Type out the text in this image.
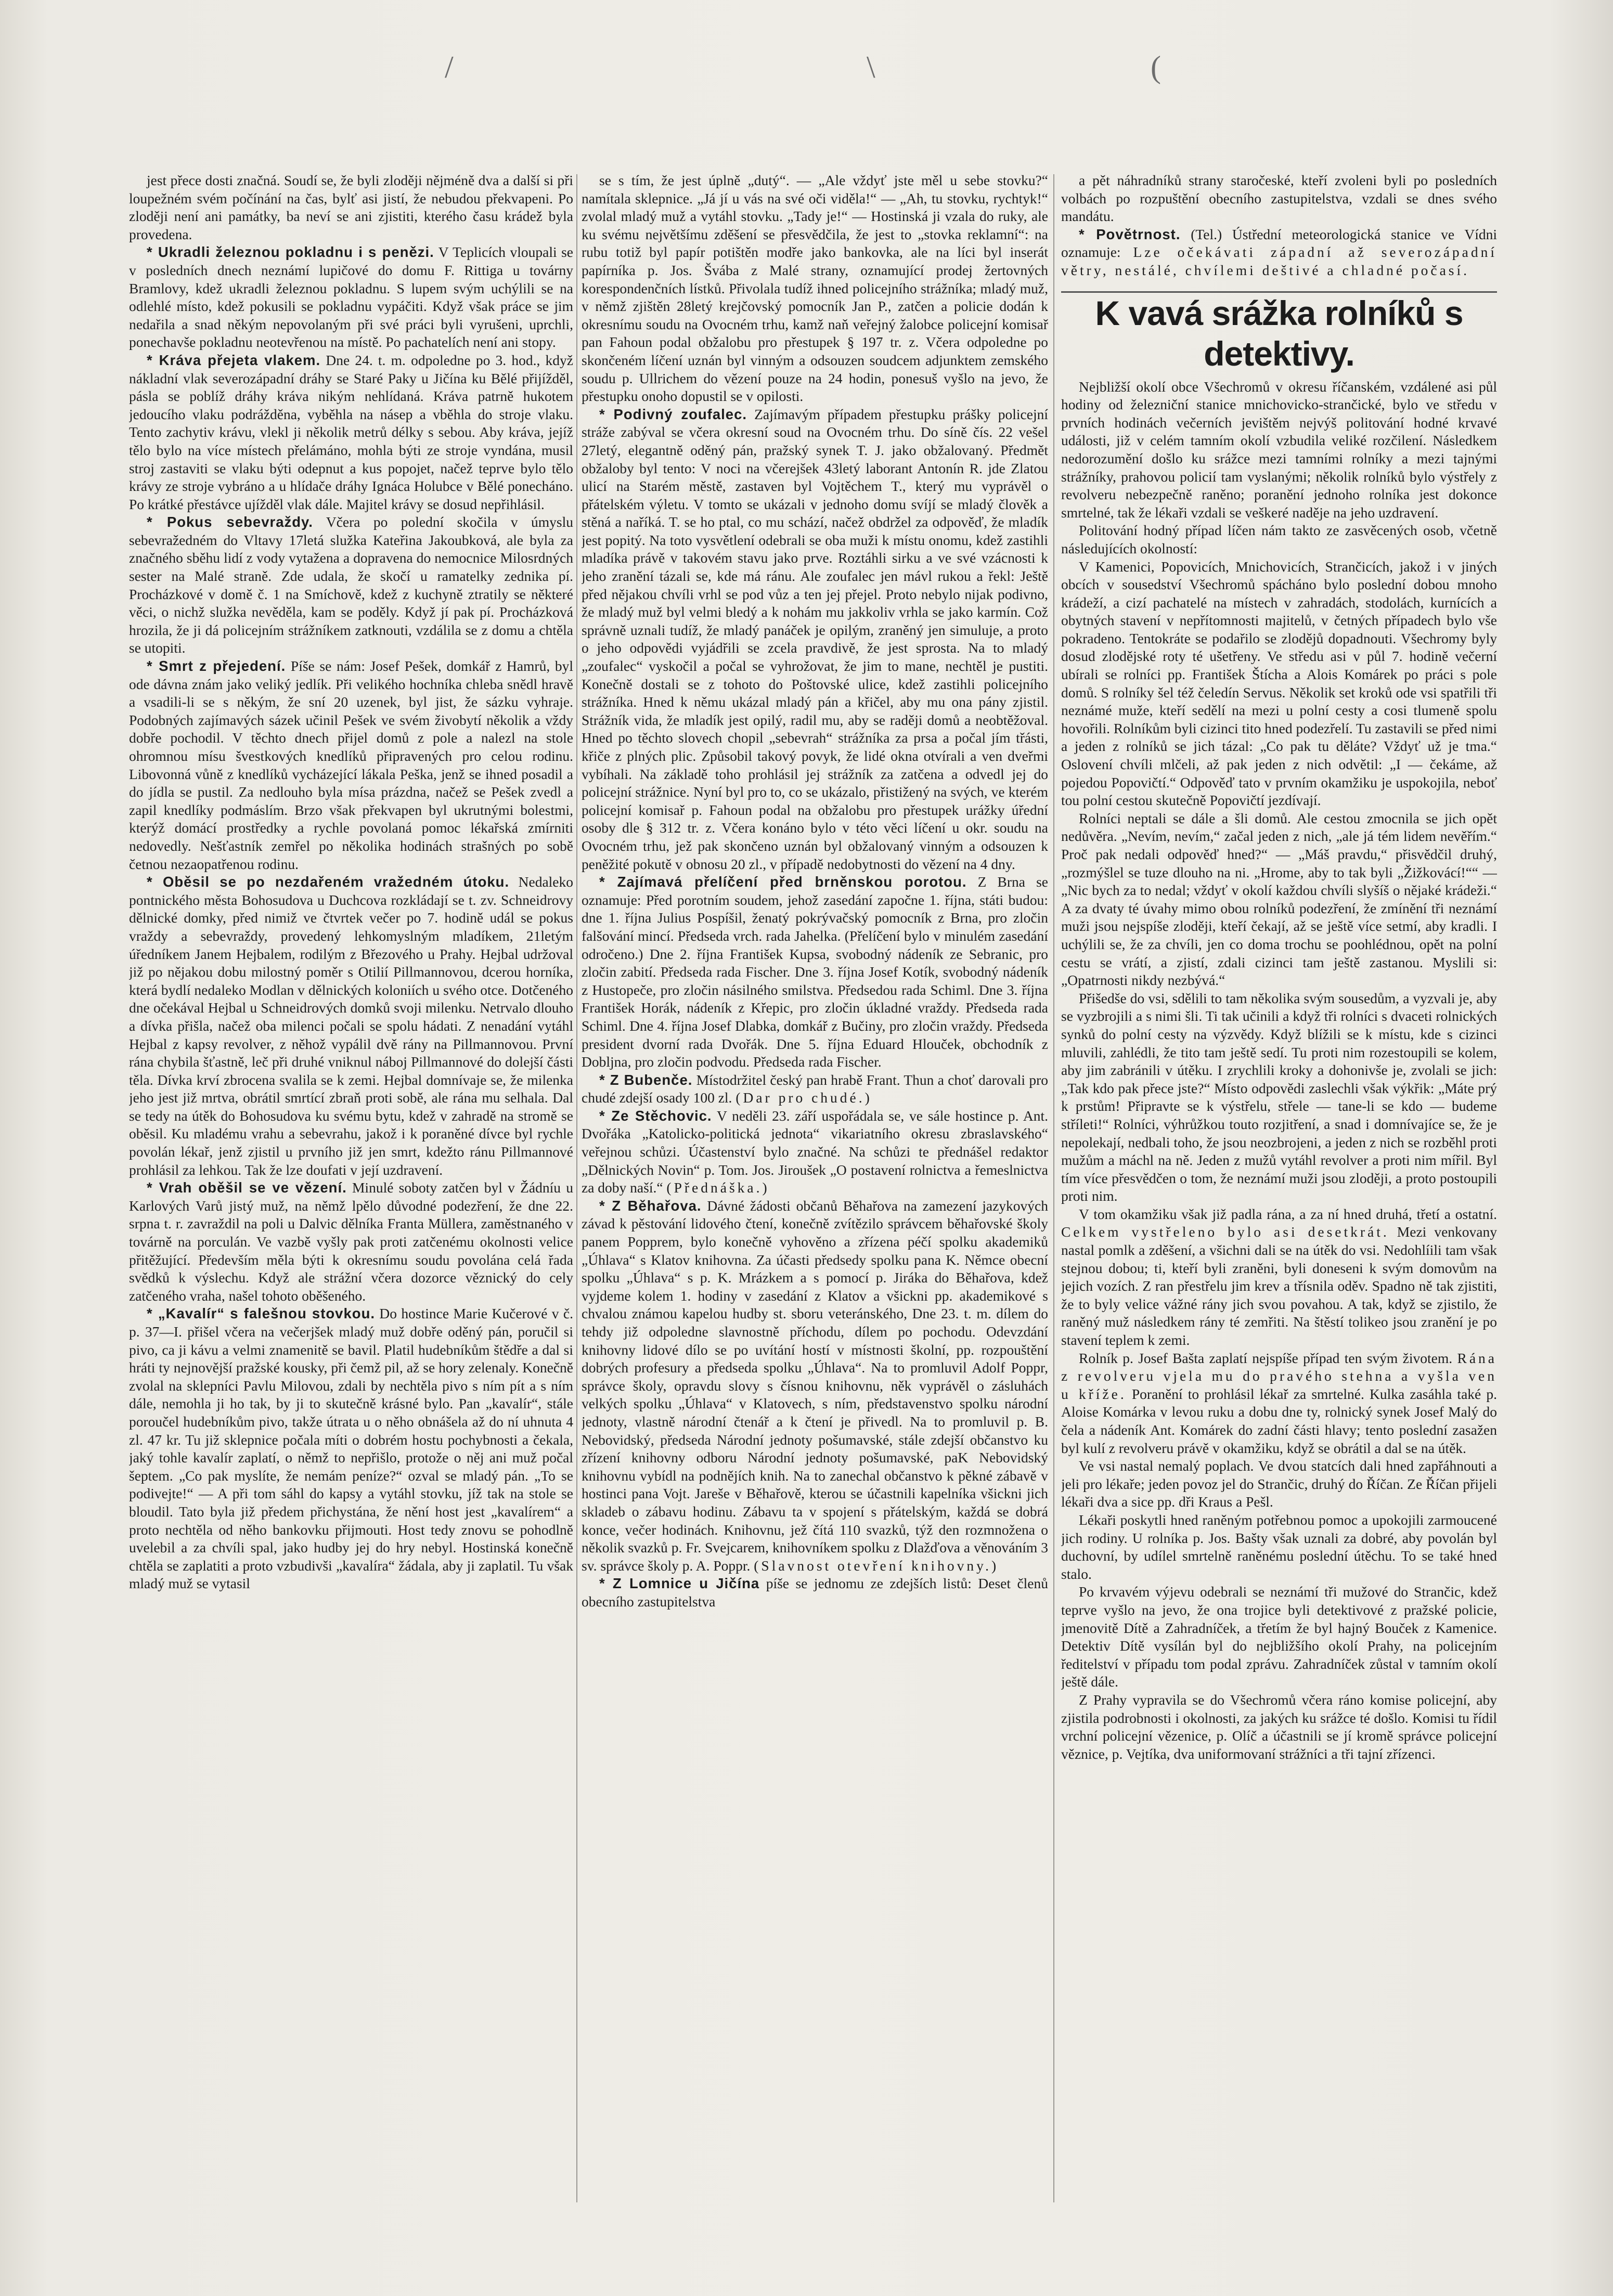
/	\	(

jest přece dosti značná. Soudí se, že byli zloději nějméně dva a další si při loupežném svém počínání na čas, bylť asi jistí, že nebudou překvapeni. Po zloději není ani památky, ba neví se ani zjistiti, kterého času krádež byla provedena.

* Ukradli železnou pokladnu i s penězi. V Teplicích vloupali se v posledních dnech neznámí lupičové do domu F. Rittiga u továrny Bramlovy, kdež ukradli železnou pokladnu. S lupem svým uchýlili se na odlehlé místo, kdež pokusili se pokladnu vypáčiti. Když však práce se jim nedařila a snad někým nepovolaným při své práci byli vyrušeni, uprchli, ponechavše pokladnu neotevřenou na místě. Po pachatelích není ani stopy.

* Kráva přejeta vlakem. Dne 24. t. m. odpoledne po 3. hod., když nákladní vlak severozápadní dráhy se Staré Paky u Jičína ku Bělé přijížděl, pásla se poblíž dráhy kráva nikým nehlídaná. Kráva patrně hukotem jedoucího vlaku podrážděna, vyběhla na násep a vběhla do stroje vlaku. Tento zachytiv krávu, vlekl ji několik metrů délky s sebou. Aby kráva, jejíž tělo bylo na více místech přelámáno, mohla býti ze stroje vyndána, musil stroj zastaviti se vlaku býti odepnut a kus popojet, načež teprve bylo tělo krávy ze stroje vybráno a u hlídače dráhy Ignáca Holubce v Bělé ponecháno. Po krátké přestávce ujížděl vlak dále. Majitel krávy se dosud nepřihlásil.

* Pokus sebevraždy. Včera po polední skočila v úmyslu sebevražedném do Vltavy 17letá služka Kateřina Jakoubková, ale byla za značného sběhu lidí z vody vytažena a dopravena do nemocnice Milosrdných sester na Malé straně. Zde udala, že skočí u ramatelky zednika pí. Procházkové v domě č. 1 na Smíchově, kdež z kuchyně ztratily se některé věci, o nichž služka nevěděla, kam se poděly. Když jí pak pí. Procházková hrozila, že ji dá policejním strážníkem zatknouti, vzdálila se z domu a chtěla se utopiti.

* Smrt z přejedení. Píše se nám: Josef Pešek, domkář z Hamrů, byl ode dávna znám jako veliký jedlík. Při velikého hochníka chleba snědl hravě a vsadili-li se s někým, že sní 20 uzenek, byl jist, že sázku vyhraje. Podobných zajímavých sázek učinil Pešek ve svém živobytí několik a vždy dobře pochodil. V těchto dnech přijel domů z pole a nalezl na stole ohromnou mísu švestkových knedlíků připravených pro celou rodinu. Libovonná vůně z knedlíků vycházející lákala Peška, jenž se ihned posadil a do jídla se pustil. Za nedlouho byla mísa prázdna, načež se Pešek zvedl a zapil knedlíky podmáslím. Brzo však překvapen byl ukrutnými bolestmi, kterýž domácí prostředky a rychle povolaná pomoc lékařská zmírniti nedovedly. Nešťastník zemřel po několika hodinách strašných po sobě četnou nezaopatřenou rodinu.

* Oběsil se po nezdařeném vražedném útoku. Nedaleko pontnického města Bohosudova u Duchcova rozkládají se t. zv. Schneidrovy dělnické domky, před nimiž ve čtvrtek večer po 7. hodině udál se pokus vraždy a sebevraždy, provedený lehkomyslným mladíkem, 21letým úředníkem Janem Hejbalem, rodilým z Březového u Prahy. Hejbal udržoval již po nějakou dobu milostný poměr s Otilií Pillmannovou, dcerou horníka, která bydlí nedaleko Modlan v dělnických koloniích u svého otce. Dotčeného dne očekával Hejbal u Schneidrových domků svoji milenku. Netrvalo dlouho a dívka přišla, načež oba milenci počali se spolu hádati. Z nenadání vytáhl Hejbal z kapsy revolver, z něhož vypálil dvě rány na Pillmannovou. První rána chybila šťastně, leč při druhé vniknul náboj Pillmannové do dolejší části těla. Dívka krví zbrocena svalila se k zemi. Hejbal domnívaje se, že milenka jeho jest již mrtva, obrátil smrtící zbraň proti sobě, ale rána mu selhala. Dal se tedy na útěk do Bohosudova ku svému bytu, kdež v zahradě na stromě se oběsil. Ku mladému vrahu a sebevrahu, jakož i k poraněné dívce byl rychle povolán lékař, jenž zjistil u prvního již jen smrt, kdežto ránu Pillmannové prohlásil za lehkou. Tak že lze doufati v její uzdravení.

* Vrah oběšil se ve vězení. Minulé soboty zatčen byl v Žádníu u Karlových Varů jistý muž, na němž lpělo důvodné podezření, že dne 22. srpna t. r. zavraždil na poli u Dalvic dělníka Franta Müllera, zaměstnaného v továrně na porculán. Ve vazbě vyšly pak proti zatčenému okolnosti velice přitěžující. Především měla býti k okresnímu soudu povolána celá řada svědků k výslechu. Když ale strážní včera dozorce věznický do cely zatčeného vraha, našel tohoto oběšeného.

* „Kavalír“ s falešnou stovkou. Do hostince Marie Kučerové v č. p. 37—I. přišel včera na večerjšek mladý muž dobře oděný pán, poručil si pivo, ca ji kávu a velmi znamenitě se bavil. Platil hudebníkům štědře a dal si hráti ty nejnovější pražské kousky, při čemž pil, až se hory zelenaly. Konečně zvolal na sklepníci Pavlu Milovou, zdali by nechtěla pivo s ním pít a s ním dále, nemohla ji ho tak, by ji to skutečně krásné bylo. Pan „kavalír“, stále poroučel hudebníkům pivo, takže útrata u o něho obnášela až do ní uhnuta 4 zl. 47 kr. Tu již sklepnice počala míti o dobrém hostu pochybnosti a čekala, jaký tohle kavalír zaplatí, o němž to nepřišlo, protože o něj ani muž počal šeptem. „Co pak myslíte, že nemám peníze?“ ozval se mladý pán. „To se podivejte!“ — A při tom sáhl do kapsy a vytáhl stovku, jíž tak na stole se bloudil. Tato byla již předem přichystána, že nění host jest „kavalírem“ a proto nechtěla od něho bankovku přijmouti. Host tedy znovu se pohodlně uvelebil a za chvíli spal, jako hudby jej do hry nebyl. Hostinská konečně chtěla se zaplatiti a proto vzbudivši „kavalíra“ žádala, aby ji zaplatil. Tu však mladý muž se vytasil

se s tím, že jest úplně „dutý“. — „Ale vždyť jste měl u sebe stovku?“ namítala sklepnice. „Já jí u vás na své oči viděla!“ — „Ah, tu stovku, rychtyk!“ zvolal mladý muž a vytáhl stovku. „Tady je!“ — Hostinská ji vzala do ruky, ale ku svému největšímu zděšení se přesvědčila, že jest to „stovka reklamní“: na rubu totiž byl papír potištěn modře jako bankovka, ale na líci byl inserát papírníka p. Jos. Švába z Malé strany, oznamující prodej žertovných korespondenčních lístků. Přivolala tudíž ihned policejního strážníka; mladý muž, v němž zjištěn 28letý krejčovský pomocník Jan P., zatčen a policie dodán k okresnímu soudu na Ovocném trhu, kamž naň veřejný žalobce policejní komisař pan Fahoun podal obžalobu pro přestupek § 197 tr. z. Včera odpoledne po skončeném líčení uznán byl vinným a odsouzen soudcem adjunktem zemského soudu p. Ullrichem do vězení pouze na 24 hodin, ponesuš vyšlo na jevo, že přestupku onoho dopustil se v opilosti.

* Podivný zoufalec. Zajímavým případem přestupku prášky policejní stráže zabýval se včera okresní soud na Ovocném trhu. Do síně čís. 22 vešel 27letý, elegantně oděný pán, pražský synek T. J. jako obžalovaný. Předmět obžaloby byl tento: V noci na včerejšek 43letý laborant Antonín R. jde Zlatou ulicí na Starém městě, zastaven byl Vojtěchem T., který mu vyprávěl o přátelském výletu. V tomto se ukázali v jednoho domu svíjí se mladý člověk a stěná a naříká. T. se ho ptal, co mu schází, načež obdržel za odpověď, že mladík jest popitý. Na toto vysvětlení odebrali se oba muži k místu onomu, kdež zastihli mladíka právě v takovém stavu jako prve. Roztáhli sirku a ve své vzácnosti k jeho zranění tázali se, kde má ránu. Ale zoufalec jen mávl rukou a řekl: Ještě před nějakou chvíli vrhl se pod vůz a ten jej přejel. Proto nebylo nijak podivno, že mladý muž byl velmi bledý a k nohám mu jakkoliv vrhla se jako karmín. Což správně uznali tudíž, že mladý panáček je opilým, zraněný jen simuluje, a proto o jeho odpovědi vyjádřili se zcela pravdivě, že jest sprosta. Na to mladý „zoufalec“ vyskočil a počal se vyhrožovat, že jim to mane, nechtěl je pustiti. Konečně dostali se z tohoto do Poštovské ulice, kdež zastihli policejního strážníka. Hned k němu ukázal mladý pán a křičel, aby mu ona pány zjistil. Strážník vida, že mladík jest opilý, radil mu, aby se raději domů a neobtěžoval. Hned po těchto slovech chopil „sebevrah“ strážníka za prsa a počal jím třásti, křiče z plných plic. Způsobil takový povyk, že lidé okna otvírali a ven dveřmi vybíhali. Na základě toho prohlásil jej strážník za zatčena a odvedl jej do policejní strážnice. Nyní byl pro to, co se ukázalo, přistižený na svých, ve kterém policejní komisař p. Fahoun podal na obžalobu pro přestupek urážky úřední osoby dle § 312 tr. z. Včera konáno bylo v této věci líčení u okr. soudu na Ovocném trhu, jež pak skončeno uznán byl obžalovaný vinným a odsouzen k peněžité pokutě v obnosu 20 zl., v případě nedobytnosti do vězení na 4 dny.

* Zajímavá přelíčení před brněnskou porotou. Z Brna se oznamuje: Před porotním soudem, jehož zasedání započne 1. října, státi budou: dne 1. října Julius Pospíšil, ženatý pokrývačský pomocník z Brna, pro zločin falšování mincí. Předseda vrch. rada Jahelka. (Přelíčení bylo v minulém zasedání odročeno.) Dne 2. října František Kupsa, svobodný nádeník ze Sebranic, pro zločin zabití. Předseda rada Fischer. Dne 3. října Josef Kotík, svobodný nádeník z Hustopeče, pro zločin násilného smilstva. Předsedou rada Schiml. Dne 3. října František Horák, nádeník z Křepic, pro zločin úkladné vraždy. Předseda rada Schiml. Dne 4. října Josef Dlabka, domkář z Bučiny, pro zločin vraždy. Předseda president dvorní rada Dvořák. Dne 5. října Eduard Hlouček, obchodník z Dobljna, pro zločin podvodu. Předseda rada Fischer.

* Z Bubenče. Místodržitel český pan hrabě Frant. Thun a choť darovali pro chudé zdejší osady 100 zl. (Dar pro chudé.)

* Ze Stěchovic. V neděli 23. září uspořádala se, ve sále hostince p. Ant. Dvořáka „Katolicko-politická jednota“ vikariatního okresu zbraslavského“ veřejnou schůzi. Účastenství bylo značné. Na schůzi te přednášel redaktor „Dělnických Novin“ p. Tom. Jos. Jiroušek „O postavení rolnictva a řemeslnictva za doby naší.“ (Přednáška.)

* Z Běhařova. Dávné žádosti občanů Běhařova na zamezení jazykových závad k pěstování lidového čtení, konečně zvítězilo správcem běhařovské školy panem Popprem, bylo konečně vyhověno a zřízena péčí spolku akademiků „Úhlava“ s Klatov knihovna. Za účasti předsedy spolku pana K. Němce obecní spolku „Úhlava“ s p. K. Mrázkem a s pomocí p. Jiráka do Běhařova, kdež vyjdeme kolem 1. hodiny v zasedání z Klatov a všickni pp. akademikové s chvalou známou kapelou hudby st. sboru veteránského, Dne 23. t. m. dílem do tehdy již odpoledne slavnostně příchodu, dílem po pochodu. Odevzdání knihovny lidové dílo se po uvítání hostí v místnosti školní, pp. rozpouštění dobrých profesury a předseda spolku „Úhlava“. Na to promluvil Adolf Poppr, správce školy, opravdu slovy s čísnou knihovnu, něk vyprávěl o zásluhách velkých spolku „Úhlava“ v Klatovech, s ním, představenstvo spolku národní jednoty, vlastně národní čtenář a k čtení je přivedl. Na to promluvil p. B. Nebovidský, předseda Národní jednoty pošumavské, stále zdejší občanstvo ku zřízení knihovny odboru Národní jednoty pošumavské, paK Nebovidský knihovnu vybídl na podnějích knih. Na to zanechal občanstvo k pěkné zábavě v hostinci pana Vojt. Jareše v Běhařově, kterou se účastnili kapelníka všickni jich skladeb o zábavu hodinu. Zábavu ta v spojení s přátelským, každá se dobrá konce, večer hodinách. Knihovnu, jež čítá 110 svazků, týž den rozmnožena o několik svazků p. Fr. Svejcarem, knihovníkem spolku z Dlažďova a věnováním 3 sv. správce školy p. A. Poppr. (Slavnost otevření knihovny.)

* Z Lomnice u Jičína píše se jednomu ze zdejších listů: Deset členů obecního zastupitelstva

a pět náhradníků strany staročeské, kteří zvoleni byli po posledních volbách po rozpuštění obecního zastupitelstva, vzdali se dnes svého mandátu.

* Povětrnost. (Tel.) Ústřední meteorologická stanice ve Vídni oznamuje: Lze očekávati západní až severozápadní větry, nestálé, chvílemi deštivé a chladné počasí.

K vavá srážka rolníků s detektivy.

Nejbližší okolí obce Všechromů v okresu říčanském, vzdálené asi půl hodiny od železniční stanice mnichovicko-strančické, bylo ve středu v prvních hodinách večerních jevištěm nejvýš politování hodné krvavé události, již v celém tamním okolí vzbudila veliké rozčilení. Následkem nedorozumění došlo ku srážce mezi tamními rolníky a mezi tajnými strážníky, prahovou policií tam vyslanými; několik rolníků bylo výstřely z revolveru nebezpečně raněno; poranění jednoho rolníka jest dokonce smrtelné, tak že lékaři vzdali se veškeré naděje na jeho uzdravení.

Politování hodný případ líčen nám takto ze zasvěcených osob, včetně následujících okolností:

V Kamenici, Popovicích, Mnichovicích, Strančicích, jakož i v jiných obcích v sousedství Všechromů spácháno bylo poslední dobou mnoho krádeží, a cizí pachatelé na místech v zahradách, stodolách, kurnících a obytných stavení v nepřítomnosti majitelů, v četných případech bylo vše pokradeno. Tentokráte se podařilo se zlodějů dopadnouti. Všechromy byly dosud zlodějské roty té ušetřeny. Ve středu asi v půl 7. hodině večerní ubírali se rolníci pp. František Štícha a Alois Komárek po práci s pole domů. S rolníky šel též čeledín Servus. Několik set kroků ode vsi spatřili tři neznámé muže, kteří sedělí na mezi u polní cesty a cosi tlumeně spolu hovořili. Rolníkům byli cizinci tito hned podezřelí. Tu zastavili se před nimi a jeden z rolníků se jich tázal: „Co pak tu děláte? Vždyť už je tma.“ Oslovení chvíli mlčeli, až pak jeden z nich odvětil: „I — čekáme, až pojedou Popovičtí.“ Odpověď tato v prvním okamžiku je uspokojila, neboť tou polní cestou skutečně Popovičtí jezdívají.

Rolníci neptali se dále a šli domů. Ale cestou zmocnila se jich opět nedůvěra. „Nevím, nevím,“ začal jeden z nich, „ale já tém lidem nevěřím.“ Proč pak nedali odpověď hned?“ — „Máš pravdu,“ přisvědčil druhý, „rozmýšlel se tuze dlouho na ni. „Hrome, aby to tak byli „Žižkovácí!““ — „Nic bych za to nedal; vždyť v okolí každou chvíli slyšíš o nějaké krádeži.“ A za dvaty té úvahy mimo obou rolníků podezření, že zmínění tři neznámí muži jsou nejspíše zloději, kteří čekají, až se ještě více setmí, aby kradli. I uchýlili se, že za chvíli, jen co doma trochu se poohlédnou, opět na polní cestu se vrátí, a zjistí, zdali cizinci tam ještě zastanou. Myslili si: „Opatrnosti nikdy nezbývá.“

Přišedše do vsi, sdělili to tam několika svým sousedům, a vyzvali je, aby se vyzbrojili a s nimi šli. Ti tak učinili a když tři rolníci s dvaceti rolnických synků do polní cesty na výzvědy. Když blížili se k místu, kde s cizinci mluvili, zahlédli, že tito tam ještě sedí. Tu proti nim rozestoupili se kolem, aby jim zabránili v útěku. I zrychlili kroky a dohonivše je, zvolali se jich: „Tak kdo pak přece jste?“ Místo odpovědi zaslechli však výkřik: „Máte prý k prstům! Připravte se k výstřelu, střele — tane-li se kdo — budeme stříleti!“ Rolníci, výhrůžkou touto rozjitření, a snad i domnívajíce se, že je nepolekají, nedbali toho, že jsou neozbrojeni, a jeden z nich se rozběhl proti mužům a máchl na ně. Jeden z mužů vytáhl revolver a proti nim mířil. Byl tím více přesvědčen o tom, že neznámí muži jsou zloději, a proto postoupili proti nim.

V tom okamžiku však již padla rána, a za ní hned druhá, třetí a ostatní. Celkem vystřeleno bylo asi desetkrát. Mezi venkovany nastal pomlk a zděšení, a všichni dali se na útěk do vsi. Nedohlíili tam však stejnou dobou; ti, kteří byli zraněni, byli doneseni k svým domovům na jejich vozích. Z ran přestřelu jim krev a třísnila oděv. Spadno ně tak zjistiti, že to byly velice vážné rány jich svou povahou. A tak, když se zjistilo, že raněný muž následkem rány té zemřiti. Na štěstí tolikeo jsou zranění je po stavení teplem k zemi.

Rolník p. Josef Bašta zaplatí nejspíše případ ten svým životem. Rána z revolveru vjela mu do pravého stehna a vyšla ven u kříže. Poranění to prohlásil lékař za smrtelné. Kulka zasáhla také p. Aloise Komárka v levou ruku a dobu dne ty, rolnický synek Josef Malý do čela a nádeník Ant. Komárek do zadní části hlavy; tento poslední zasažen byl kulí z revolveru právě v okamžiku, když se obrátil a dal se na útěk.

Ve vsi nastal nemalý poplach. Ve dvou statcích dali hned zapřáhnouti a jeli pro lékaře; jeden povoz jel do Strančic, druhý do Říčan. Ze Říčan přijeli lékaři dva a sice pp. dři Kraus a Pešl.

Lékaři poskytli hned raněným potřebnou pomoc a upokojili zarmoucené jich rodiny. U rolníka p. Jos. Bašty však uznali za dobré, aby povolán byl duchovní, by udílel smrtelně raněnému poslední útěchu. To se také hned stalo.

Po krvavém výjevu odebrali se neznámí tři mužové do Strančic, kdež teprve vyšlo na jevo, že ona trojice byli detektivové z pražské policie, jmenovitě Dítě a Zahradníček, a třetím že byl hajný Bouček z Kamenice. Detektiv Dítě vysílán byl do nejbližšího okolí Prahy, na policejním ředitelství v případu tom podal zprávu. Zahradníček zůstal v tamním okolí ještě dále.

Z Prahy vypravila se do Všechromů včera ráno komise policejní, aby zjistila podrobnosti i okolnosti, za jakých ku srážce té došlo. Komisi tu řídil vrchní policejní vězenice, p. Olíč a účastnili se jí kromě správce policejní věznice, p. Vejtíka, dva uniformovaní strážníci a tři tajní zřízenci.
